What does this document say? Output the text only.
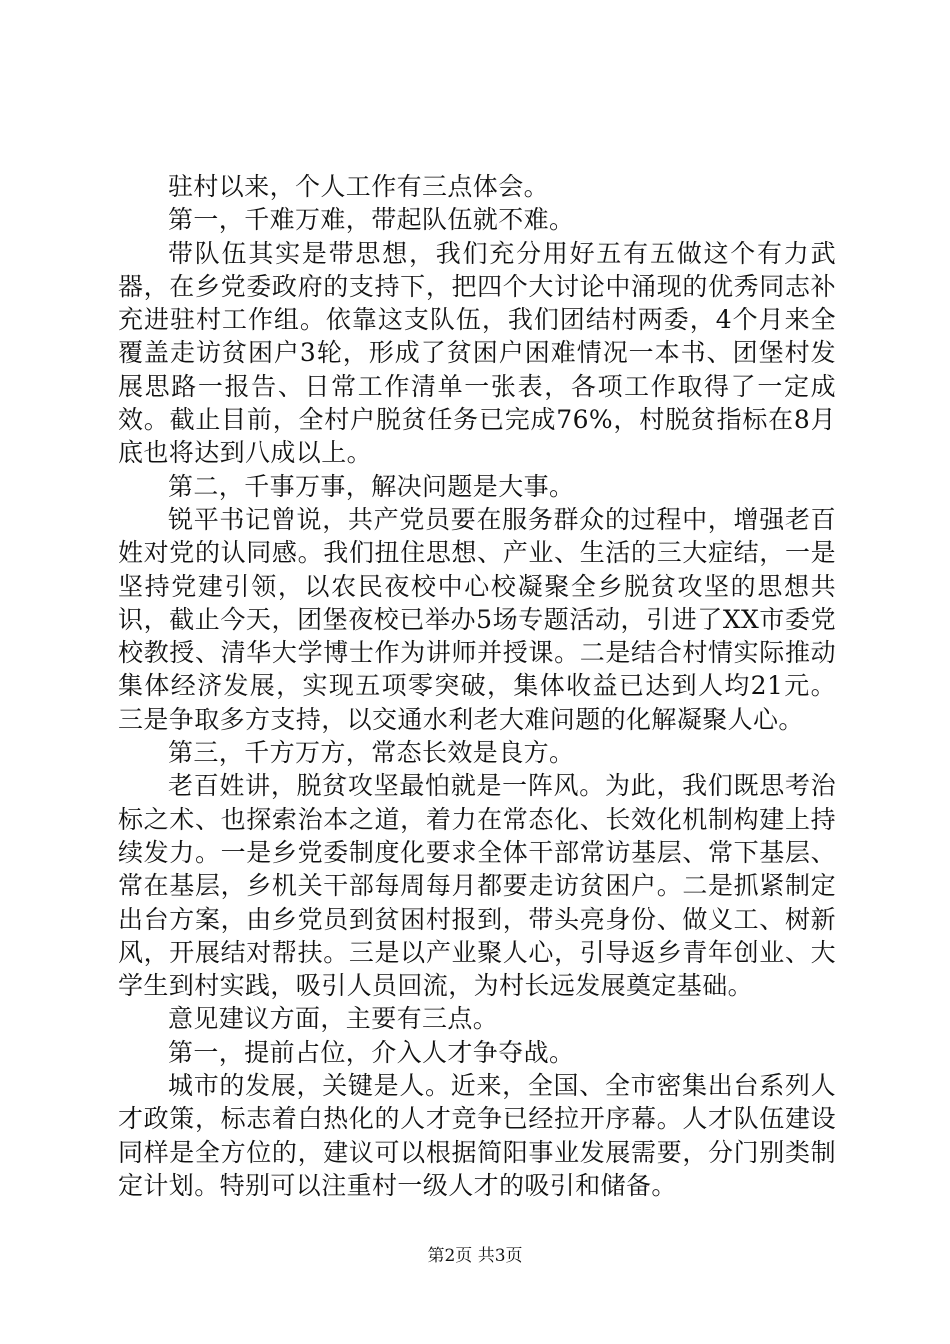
驻村以来，个人工作有三点体会。

第一，千难万难，带起队伍就不难。

带队伍其实是带思想，我们充分用好五有五做这个有力武器，在乡党委政府的支持下，把四个大讨论中涌现的优秀同志补充进驻村工作组。依靠这支队伍，我们团结村两委，4个月来全覆盖走访贫困户3轮，形成了贫困户困难情况一本书、团堡村发展思路一报告、日常工作清单一张表，各项工作取得了一定成效。截止目前，全村户脱贫任务已完成76%，村脱贫指标在8月底也将达到八成以上。

第二，千事万事，解决问题是大事。

锐平书记曾说，共产党员要在服务群众的过程中，增强老百姓对党的认同感。我们扭住思想、产业、生活的三大症结，一是坚持党建引领，以农民夜校中心校凝聚全乡脱贫攻坚的思想共识，截止今天，团堡夜校已举办5场专题活动，引进了XX市委党校教授、清华大学博士作为讲师并授课。二是结合村情实际推动集体经济发展，实现五项零突破，集体收益已达到人均21元。三是争取多方支持，以交通水利老大难问题的化解凝聚人心。

第三，千方万方，常态长效是良方。

老百姓讲，脱贫攻坚最怕就是一阵风。为此，我们既思考治标之术、也探索治本之道，着力在常态化、长效化机制构建上持续发力。一是乡党委制度化要求全体干部常访基层、常下基层、常在基层，乡机关干部每周每月都要走访贫困户。二是抓紧制定出台方案，由乡党员到贫困村报到，带头亮身份、做义工、树新风，开展结对帮扶。三是以产业聚人心，引导返乡青年创业、大学生到村实践，吸引人员回流，为村长远发展奠定基础。

意见建议方面，主要有三点。

第一，提前占位，介入人才争夺战。

城市的发展，关键是人。近来，全国、全市密集出台系列人才政策，标志着白热化的人才竞争已经拉开序幕。人才队伍建设同样是全方位的，建议可以根据简阳事业发展需要，分门别类制定计划。特别可以注重村一级人才的吸引和储备。

第2页 共3页
